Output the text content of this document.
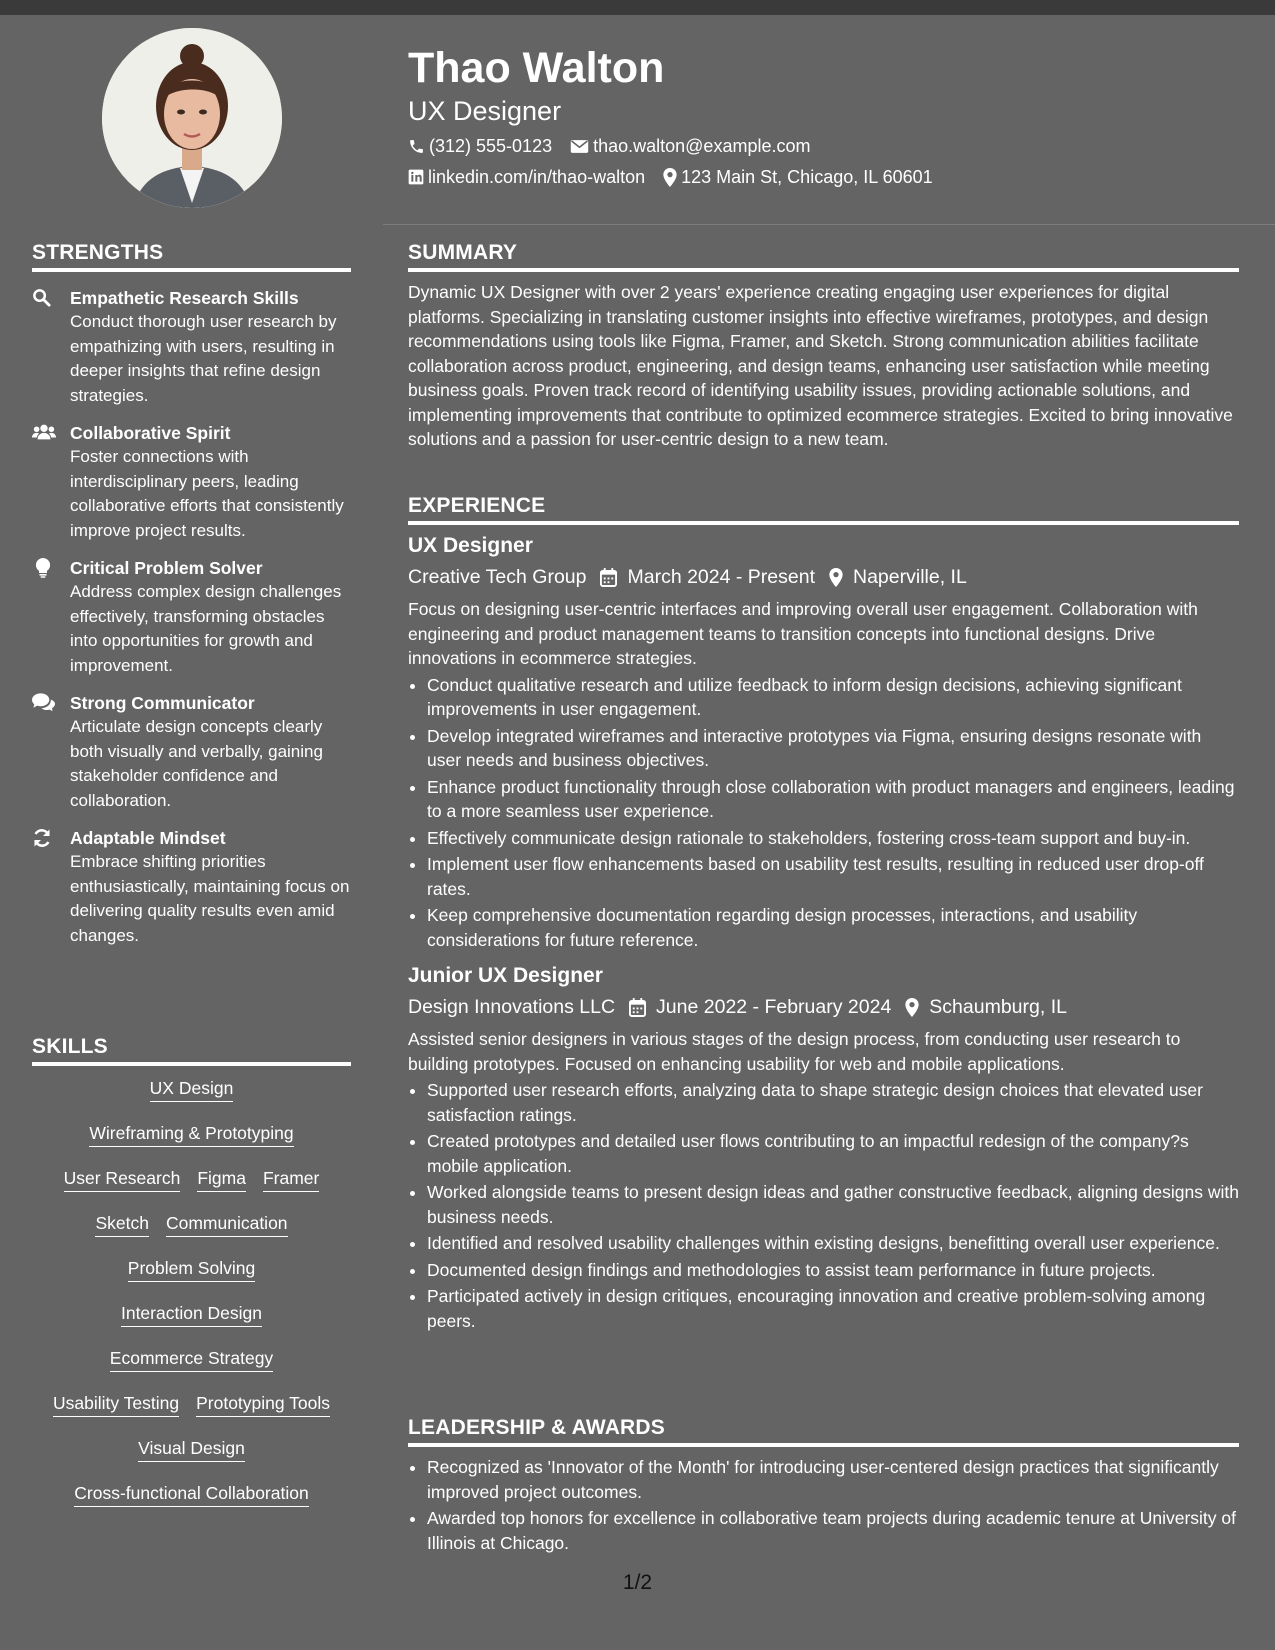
Thao Walton
UX Designer
(312) 555-0123 thao.walton@example.com
linkedin.com/in/thao-walton 123 Main St, Chicago, IL 60601
STRENGTHS
Empathetic Research Skills
Conduct thorough user research by empathizing with users, resulting in deeper insights that refine design strategies.
Collaborative Spirit
Foster connections with interdisciplinary peers, leading collaborative efforts that consistently improve project results.
Critical Problem Solver
Address complex design challenges effectively, transforming obstacles into opportunities for growth and improvement.
Strong Communicator
Articulate design concepts clearly both visually and verbally, gaining stakeholder confidence and collaboration.
Adaptable Mindset
Embrace shifting priorities enthusiastically, maintaining focus on delivering quality results even amid changes.
SKILLS
UX Design
Wireframing & Prototyping
User Research Figma Framer
Sketch Communication
Problem Solving
Interaction Design
Ecommerce Strategy
Usability Testing Prototyping Tools
Visual Design
Cross-functional Collaboration
SUMMARY

Dynamic UX Designer with over 2 years' experience creating engaging user experiences for digital platforms. Specializing in translating customer insights into effective wireframes, prototypes, and design recommendations using tools like Figma, Framer, and Sketch. Strong communication abilities facilitate collaboration across product, engineering, and design teams, enhancing user satisfaction while meeting business goals. Proven track record of identifying usability issues, providing actionable solutions, and implementing improvements that contribute to optimized ecommerce strategies. Excited to bring innovative solutions and a passion for user-centric design to a new team.

EXPERIENCE
UX Designer
Creative Tech Group March 2024 - Present Naperville, IL

Focus on designing user-centric interfaces and improving overall user engagement. Collaboration with engineering and product management teams to transition concepts into functional designs. Drive innovations in ecommerce strategies.

• Conduct qualitative research and utilize feedback to inform design decisions, achieving significant improvements in user engagement.
• Develop integrated wireframes and interactive prototypes via Figma, ensuring designs resonate with user needs and business objectives.
• Enhance product functionality through close collaboration with product managers and engineers, leading to a more seamless user experience.
• Effectively communicate design rationale to stakeholders, fostering cross-team support and buy-in.
• Implement user flow enhancements based on usability test results, resulting in reduced user drop-off rates.
• Keep comprehensive documentation regarding design processes, interactions, and usability considerations for future reference.
Junior UX Designer
Design Innovations LLC June 2022 - February 2024 Schaumburg, IL

Assisted senior designers in various stages of the design process, from conducting user research to building prototypes. Focused on enhancing usability for web and mobile applications.

• Supported user research efforts, analyzing data to shape strategic design choices that elevated user satisfaction ratings.
• Created prototypes and detailed user flows contributing to an impactful redesign of the company?s mobile application.
• Worked alongside teams to present design ideas and gather constructive feedback, aligning designs with business needs.
• Identified and resolved usability challenges within existing designs, benefitting overall user experience.
• Documented design findings and methodologies to assist team performance in future projects.
• Participated actively in design critiques, encouraging innovation and creative problem-solving among peers.
LEADERSHIP & AWARDS
• Recognized as 'Innovator of the Month' for introducing user-centered design practices that significantly improved project outcomes.
• Awarded top honors for excellence in collaborative team projects during academic tenure at University of Illinois at Chicago.
1/2
